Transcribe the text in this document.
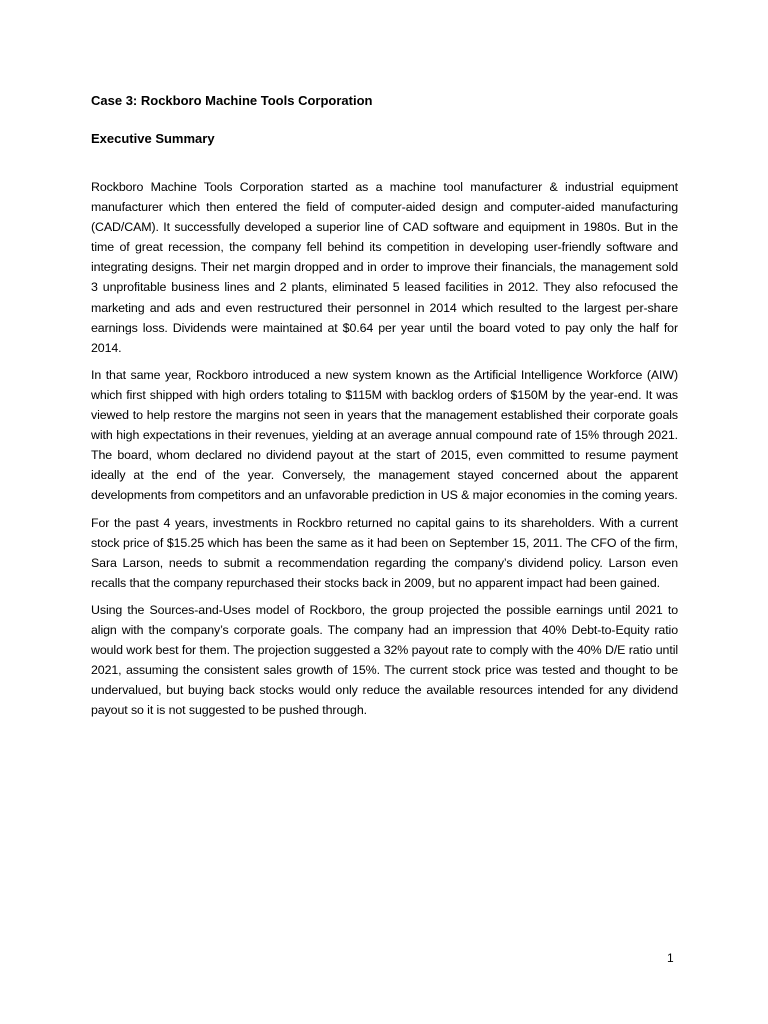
Case 3: Rockboro Machine Tools Corporation

Executive Summary

Rockboro Machine Tools Corporation started as a machine tool manufacturer & industrial equipment manufacturer which then entered the field of computer-aided design and computer-aided manufacturing (CAD/CAM). It successfully developed a superior line of CAD software and equipment in 1980s. But in the time of great recession, the company fell behind its competition in developing user-friendly software and integrating designs. Their net margin dropped and in order to improve their financials, the management sold 3 unprofitable business lines and 2 plants, eliminated 5 leased facilities in 2012. They also refocused the marketing and ads and even restructured their personnel in 2014 which resulted to the largest per-share earnings loss. Dividends were maintained at $0.64 per year until the board voted to pay only the half for 2014.

In that same year, Rockboro introduced a new system known as the Artificial Intelligence Workforce (AIW) which first shipped with high orders totaling to $115M with backlog orders of $150M by the year-end. It was viewed to help restore the margins not seen in years that the management established their corporate goals with high expectations in their revenues, yielding at an average annual compound rate of 15% through 2021. The board, whom declared no dividend payout at the start of 2015, even committed to resume payment ideally at the end of the year. Conversely, the management stayed concerned about the apparent developments from competitors and an unfavorable prediction in US & major economies in the coming years.

For the past 4 years, investments in Rockbro returned no capital gains to its shareholders. With a current stock price of $15.25 which has been the same as it had been on September 15, 2011. The CFO of the firm, Sara Larson, needs to submit a recommendation regarding the company’s dividend policy. Larson even recalls that the company repurchased their stocks back in 2009, but no apparent impact had been gained.

Using the Sources-and-Uses model of Rockboro, the group projected the possible earnings until 2021 to align with the company’s corporate goals. The company had an impression that 40% Debt-to-Equity ratio would work best for them. The projection suggested a 32% payout rate to comply with the 40% D/E ratio until 2021, assuming the consistent sales growth of 15%. The current stock price was tested and thought to be undervalued, but buying back stocks would only reduce the available resources intended for any dividend payout so it is not suggested to be pushed through.

1
